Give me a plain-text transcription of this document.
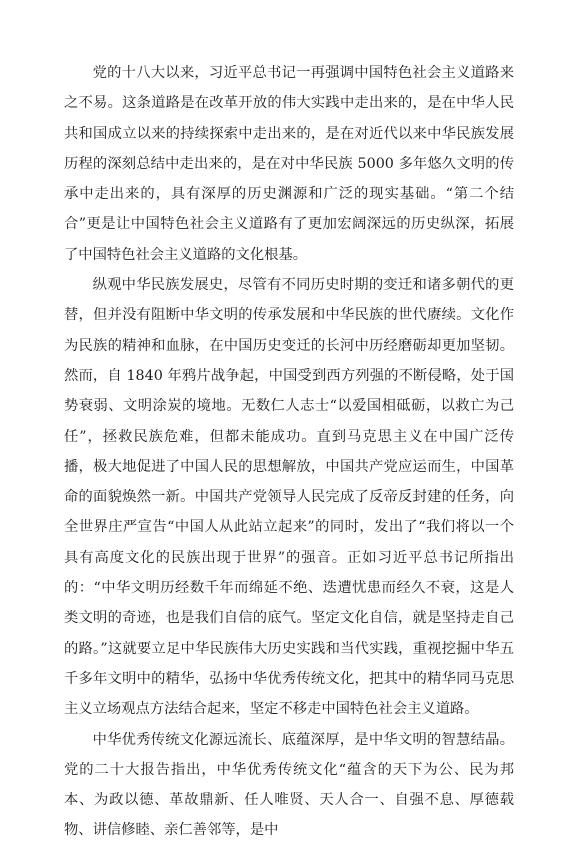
党的十八大以来，习近平总书记一再强调中国特色社会主义道路来之不易。这条道路是在改革开放的伟大实践中走出来的，是在中华人民共和国成立以来的持续探索中走出来的，是在对近代以来中华民族发展历程的深刻总结中走出来的，是在对中华民族 5000 多年悠久文明的传承中走出来的，具有深厚的历史渊源和广泛的现实基础。“第二个结合”更是让中国特色社会主义道路有了更加宏阔深远的历史纵深，拓展了中国特色社会主义道路的文化根基。

纵观中华民族发展史，尽管有不同历史时期的变迁和诸多朝代的更替，但并没有阻断中华文明的传承发展和中华民族的世代赓续。文化作为民族的精神和血脉，在中国历史变迁的长河中历经磨砺却更加坚韧。然而，自 1840 年鸦片战争起，中国受到西方列强的不断侵略，处于国势衰弱、文明涂炭的境地。无数仁人志士“以爱国相砥砺，以救亡为己任”，拯救民族危难，但都未能成功。直到马克思主义在中国广泛传播，极大地促进了中国人民的思想解放，中国共产党应运而生，中国革命的面貌焕然一新。中国共产党领导人民完成了反帝反封建的任务，向全世界庄严宣告“中国人从此站立起来”的同时，发出了“我们将以一个具有高度文化的民族出现于世界”的强音。正如习近平总书记所指出的：“中华文明历经数千年而绵延不绝、迭遭忧患而经久不衰，这是人类文明的奇迹，也是我们自信的底气。坚定文化自信，就是坚持走自己的路。”这就要立足中华民族伟大历史实践和当代实践，重视挖掘中华五千多年文明中的精华，弘扬中华优秀传统文化，把其中的精华同马克思主义立场观点方法结合起来，坚定不移走中国特色社会主义道路。

中华优秀传统文化源远流长、底蕴深厚，是中华文明的智慧结晶。党的二十大报告指出，中华优秀传统文化“蕴含的天下为公、民为邦本、为政以德、革故鼎新、任人唯贤、天人合一、自强不息、厚德载物、讲信修睦、亲仁善邻等，是中
